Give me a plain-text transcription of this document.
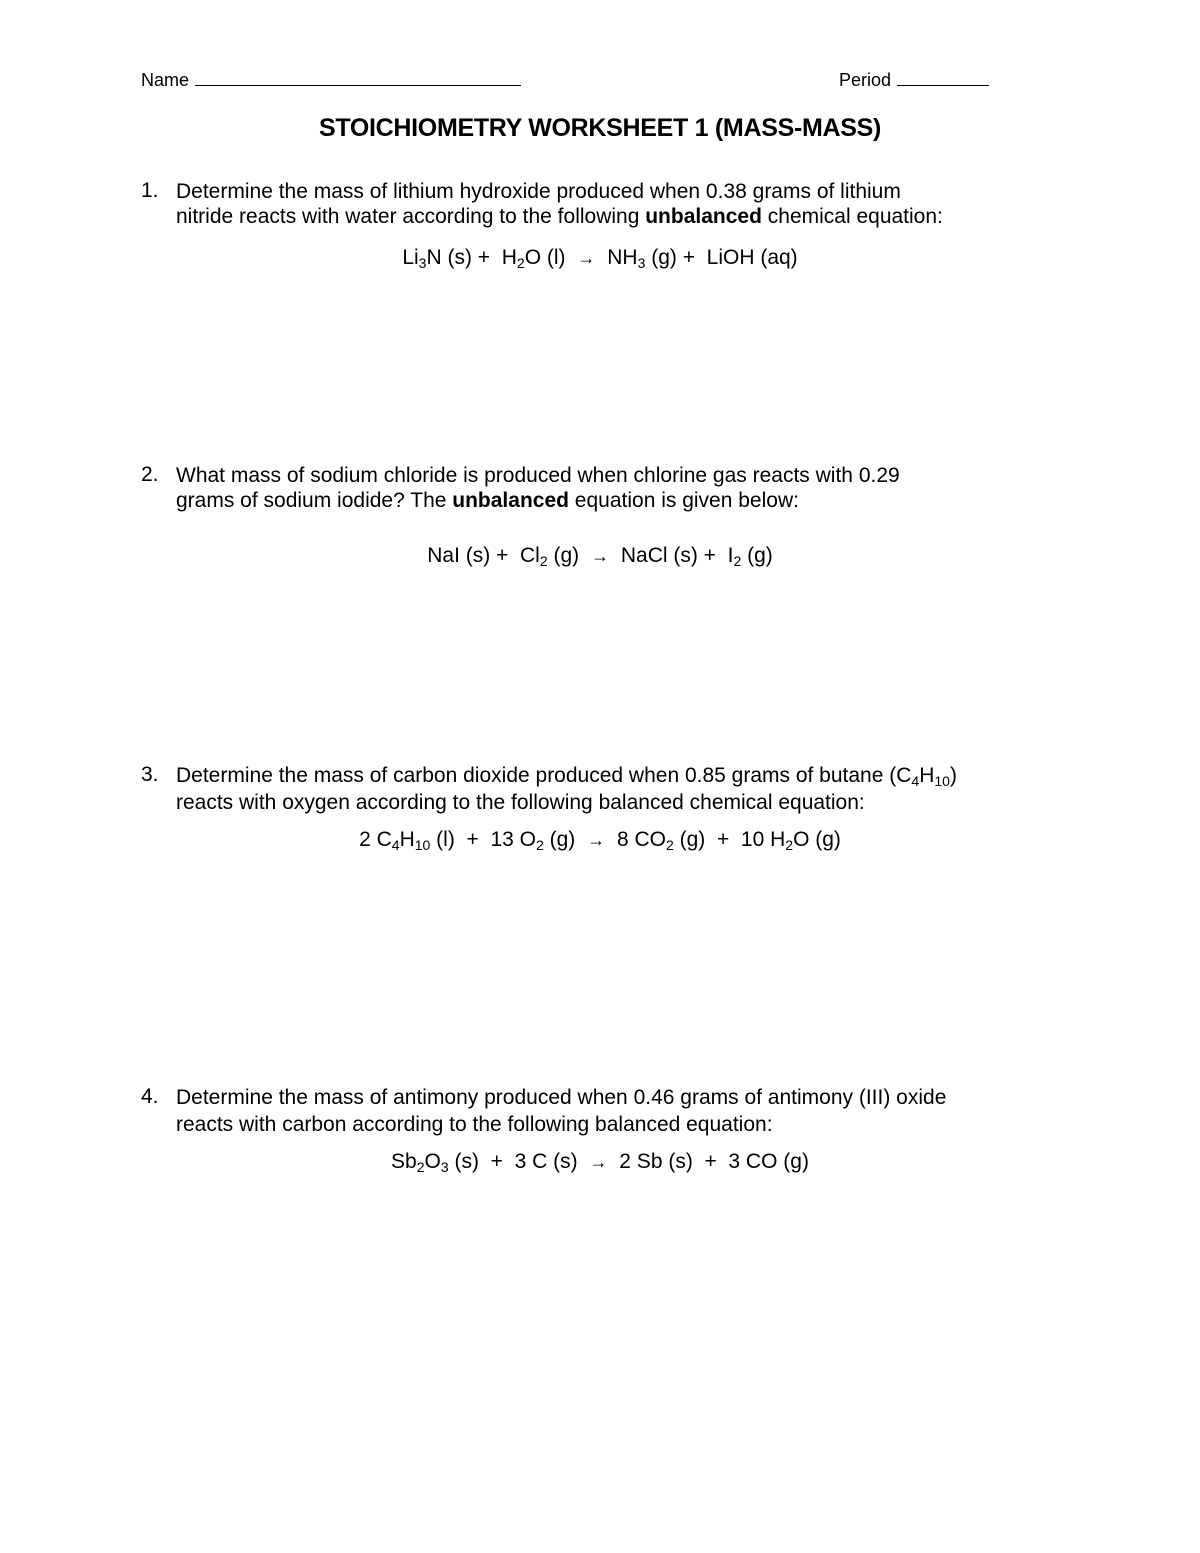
Name	Period
STOICHIOMETRY WORKSHEET 1 (MASS-MASS)
1. Determine the mass of lithium hydroxide produced when 0.38 grams of lithium
nitride reacts with water according to the following unbalanced chemical equation:
$Li_3N$ $(s) + H_2O$ $(l) \to NH_3$ (g) + LiOH (aq)
2. What mass of sodium chloride is produced when chlorine gas reacts with 0.29
grams of sodium iodide? The unbalanced equation is given below:
NaI $(s) + Cl_2$ (g) → NaCl $(s) + I_2$ (g)
3. Determine the mass of carbon dioxide produced when 0.85 grams of butane $(C_4H_{10})$
reacts with oxygen according to the following balanced chemical equation:
2 $C_4H_{10}$ (l)  + 13 $O_2$ (g) → 8 $CO_2$ (g)  + 10 $H_2O$ (g)
4. Determine the mass of antimony produced when 0.46 grams of antimony (III) oxide
reacts with carbon according to the following balanced equation:
$Sb_2O_3$ (s)  + 3 C (s) → 2 Sb (s)  + 3 CO (g)
